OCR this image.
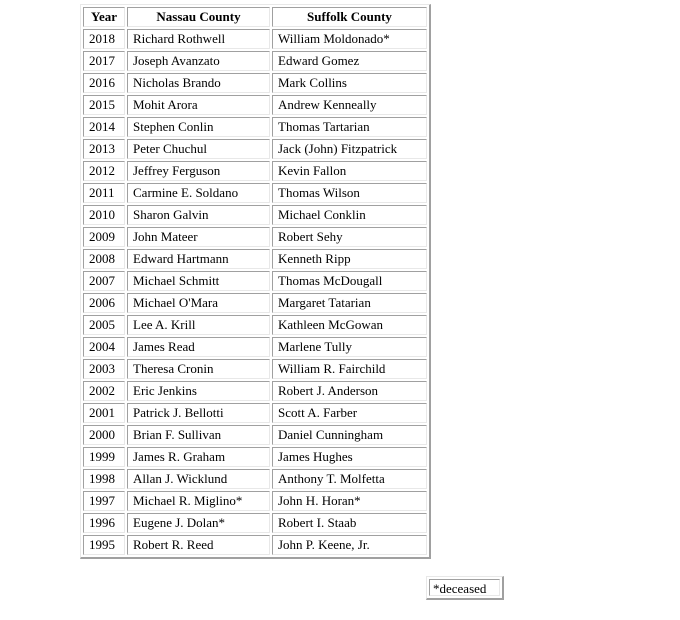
Year	Nassau County	Suffolk County
2018	Richard Rothwell	William Moldonado*
2017	Joseph Avanzato	Edward Gomez
2016	Nicholas Brando	Mark Collins
2015	Mohit Arora	Andrew Kenneally
2014	Stephen Conlin	Thomas Tartarian
2013	Peter Chuchul	Jack (John) Fitzpatrick
2012	Jeffrey Ferguson	Kevin Fallon
2011	Carmine E. Soldano	Thomas Wilson
2010	Sharon Galvin	Michael Conklin
2009	John Mateer	Robert Sehy
2008	Edward Hartmann	Kenneth Ripp
2007	Michael Schmitt	Thomas McDougall
2006	Michael O'Mara	Margaret Tatarian
2005	Lee A. Krill	Kathleen McGowan
2004	James Read	Marlene Tully
2003	Theresa Cronin	William R. Fairchild
2002	Eric Jenkins	Robert J. Anderson
2001	Patrick J. Bellotti	Scott A. Farber
2000	Brian F. Sullivan	Daniel Cunningham
1999	James R. Graham	James Hughes
1998	Allan J. Wicklund	Anthony T. Molfetta
1997	Michael R. Miglino*	John H. Horan*
1996	Eugene J. Dolan*	Robert I. Staab
1995	Robert R. Reed	John P. Keene, Jr.
*deceased
